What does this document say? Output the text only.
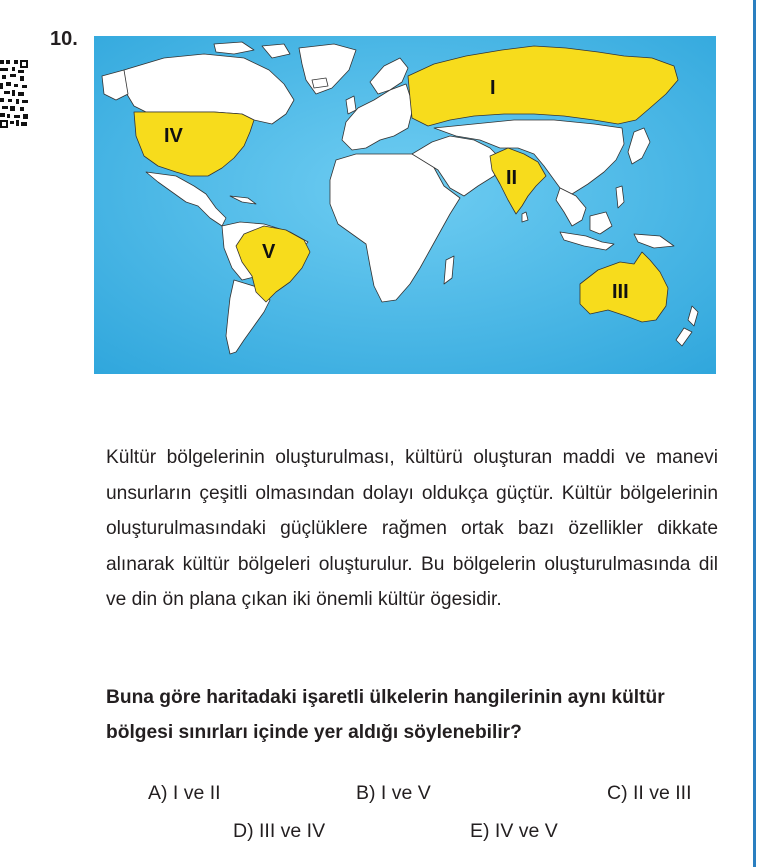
10.
I
II
III
IV
V

Kültür bölgelerinin oluşturulması, kültürü oluşturan maddi ve manevi unsurların çeşitli olmasından dolayı oldukça güçtür. Kültür bölgelerinin oluşturulmasındaki güçlüklere rağmen ortak bazı özellikler dikkate alınarak kültür bölgeleri oluşturulur. Bu bölgelerin oluşturulmasında dil ve din ön plana çıkan iki önemli kültür ögesidir.

Buna göre haritadaki işaretli ülkelerin hangilerinin aynı kültür bölgesi sınırları içinde yer aldığı söylenebilir?

A) I ve II	B) I ve V	C) II ve III
D) III ve IV	E) IV ve V
